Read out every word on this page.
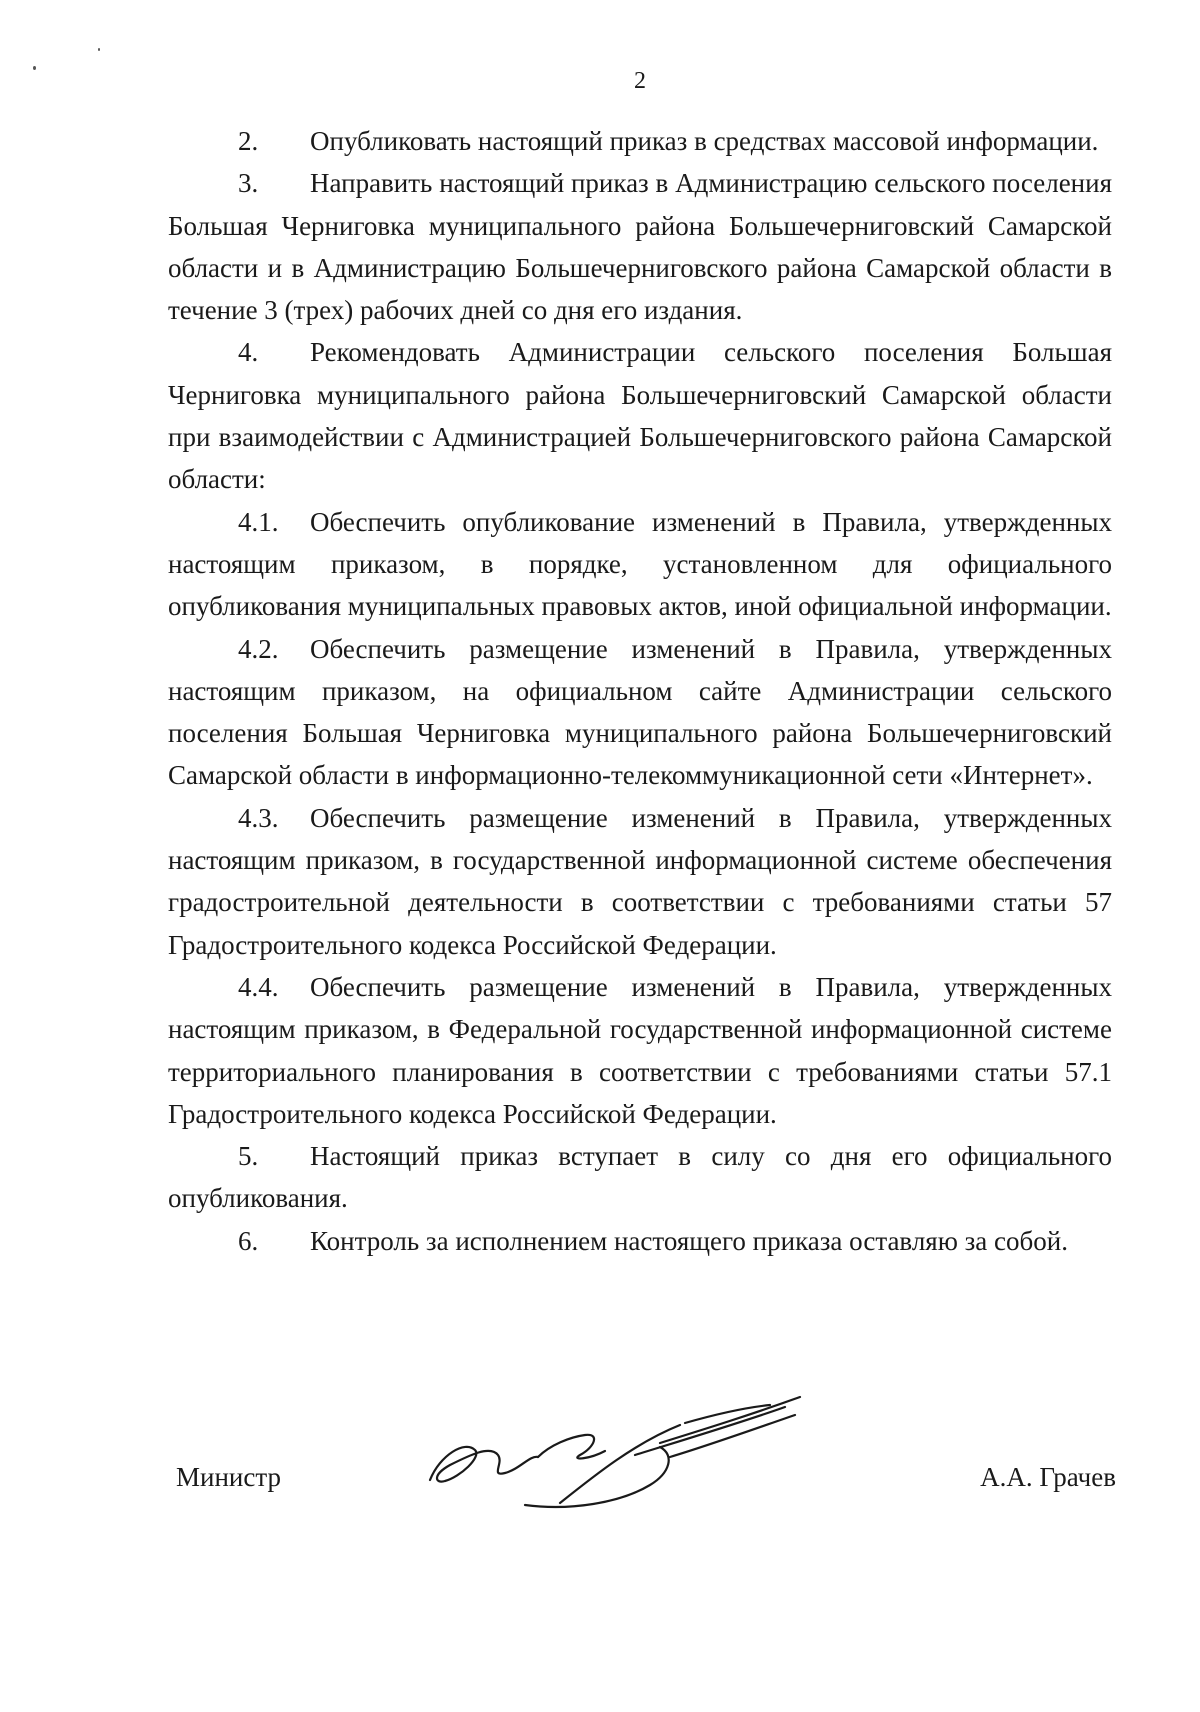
2

2. Опубликовать настоящий приказ в средствах массовой информации.

3. Направить настоящий приказ в Администрацию сельского поселения Большая Черниговка муниципального района Большечерниговский Самарской области и в Администрацию Большечерниговского района Самарской области в течение 3 (трех) рабочих дней со дня его издания.

4. Рекомендовать Администрации сельского поселения Большая Черниговка муниципального района Большечерниговский Самарской области при взаимодействии с Администрацией Большечерниговского района Самарской области:

4.1. Обеспечить опубликование изменений в Правила, утвержденных настоящим приказом, в порядке, установленном для официального опубликования муниципальных правовых актов, иной официальной информации.

4.2. Обеспечить размещение изменений в Правила, утвержденных настоящим приказом, на официальном сайте Администрации сельского поселения Большая Черниговка муниципального района Большечерниговский Самарской области в информационно-телекоммуникационной сети «Интернет».

4.3. Обеспечить размещение изменений в Правила, утвержденных настоящим приказом, в государственной информационной системе обеспечения градостроительной деятельности в соответствии с требованиями статьи 57 Градостроительного кодекса Российской Федерации.

4.4. Обеспечить размещение изменений в Правила, утвержденных настоящим приказом, в Федеральной государственной информационной системе территориального планирования в соответствии с требованиями статьи 57.1 Градостроительного кодекса Российской Федерации.

5. Настоящий приказ вступает в силу со дня его официального опубликования.

6. Контроль за исполнением настоящего приказа оставляю за собой.

Министр	А.А. Грачев
